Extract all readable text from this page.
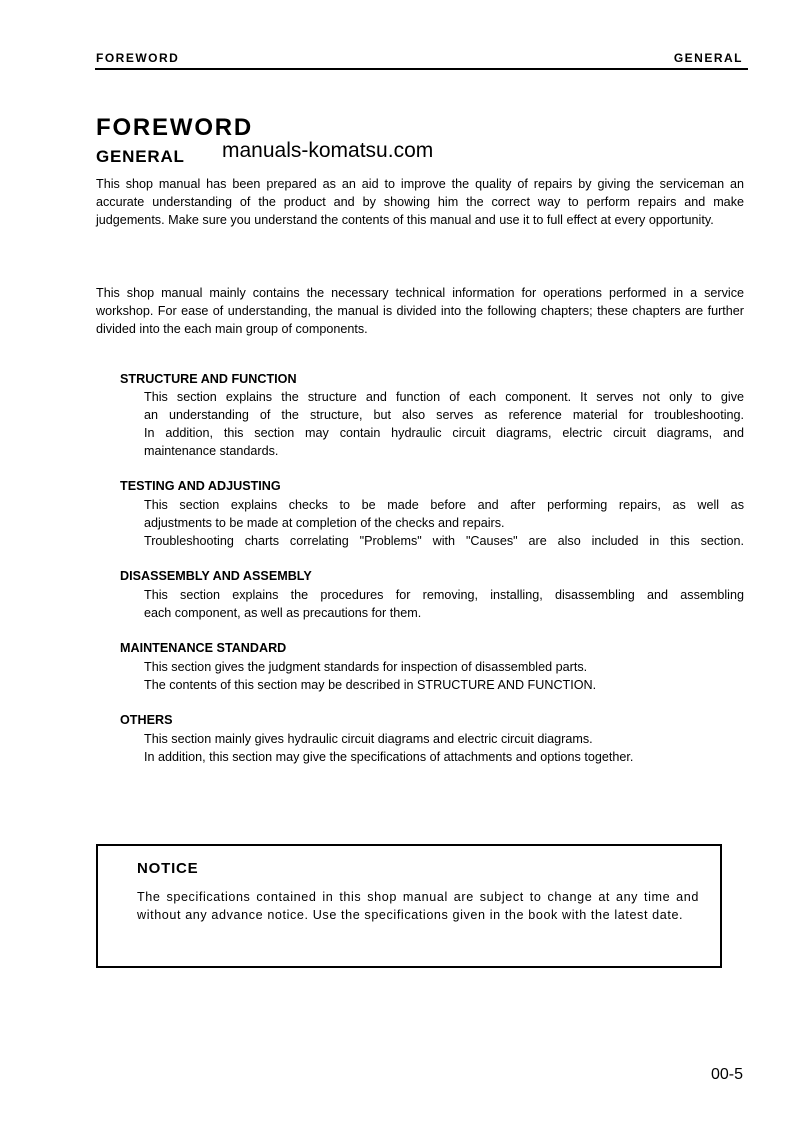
FOREWORD	GENERAL
FOREWORD
GENERAL manuals-komatsu.com
This shop manual has been prepared as an aid to improve the quality of repairs by giving the serviceman an accurate understanding of the product and by showing him the correct way to perform repairs and make judgements. Make sure you understand the contents of this manual and use it to full effect at every opportunity.
This shop manual mainly contains the necessary technical information for operations performed in a service workshop. For ease of understanding, the manual is divided into the following chapters; these chapters are further divided into the each main group of components.
STRUCTURE AND FUNCTION
This section explains the structure and function of each component. It serves not only to give
an understanding of the structure, but also serves as reference material for troubleshooting.
In addition, this section may contain hydraulic circuit diagrams, electric circuit diagrams, and
maintenance standards.
TESTING AND ADJUSTING
This section explains checks to be made before and after performing repairs, as well as
adjustments to be made at completion of the checks and repairs.
Troubleshooting charts correlating "Problems" with "Causes" are also included in this section.
DISASSEMBLY AND ASSEMBLY
This section explains the procedures for removing, installing, disassembling and assembling
each component, as well as precautions for them.
MAINTENANCE STANDARD
This section gives the judgment standards for inspection of disassembled parts.
The contents of this section may be described in STRUCTURE AND FUNCTION.
OTHERS
This section mainly gives hydraulic circuit diagrams and electric circuit diagrams.
In addition, this section may give the specifications of attachments and options together.
NOTICE
The specifications contained in this shop manual are subject to change at any time and without any advance notice. Use the specifications given in the book with the latest date.
00-5
